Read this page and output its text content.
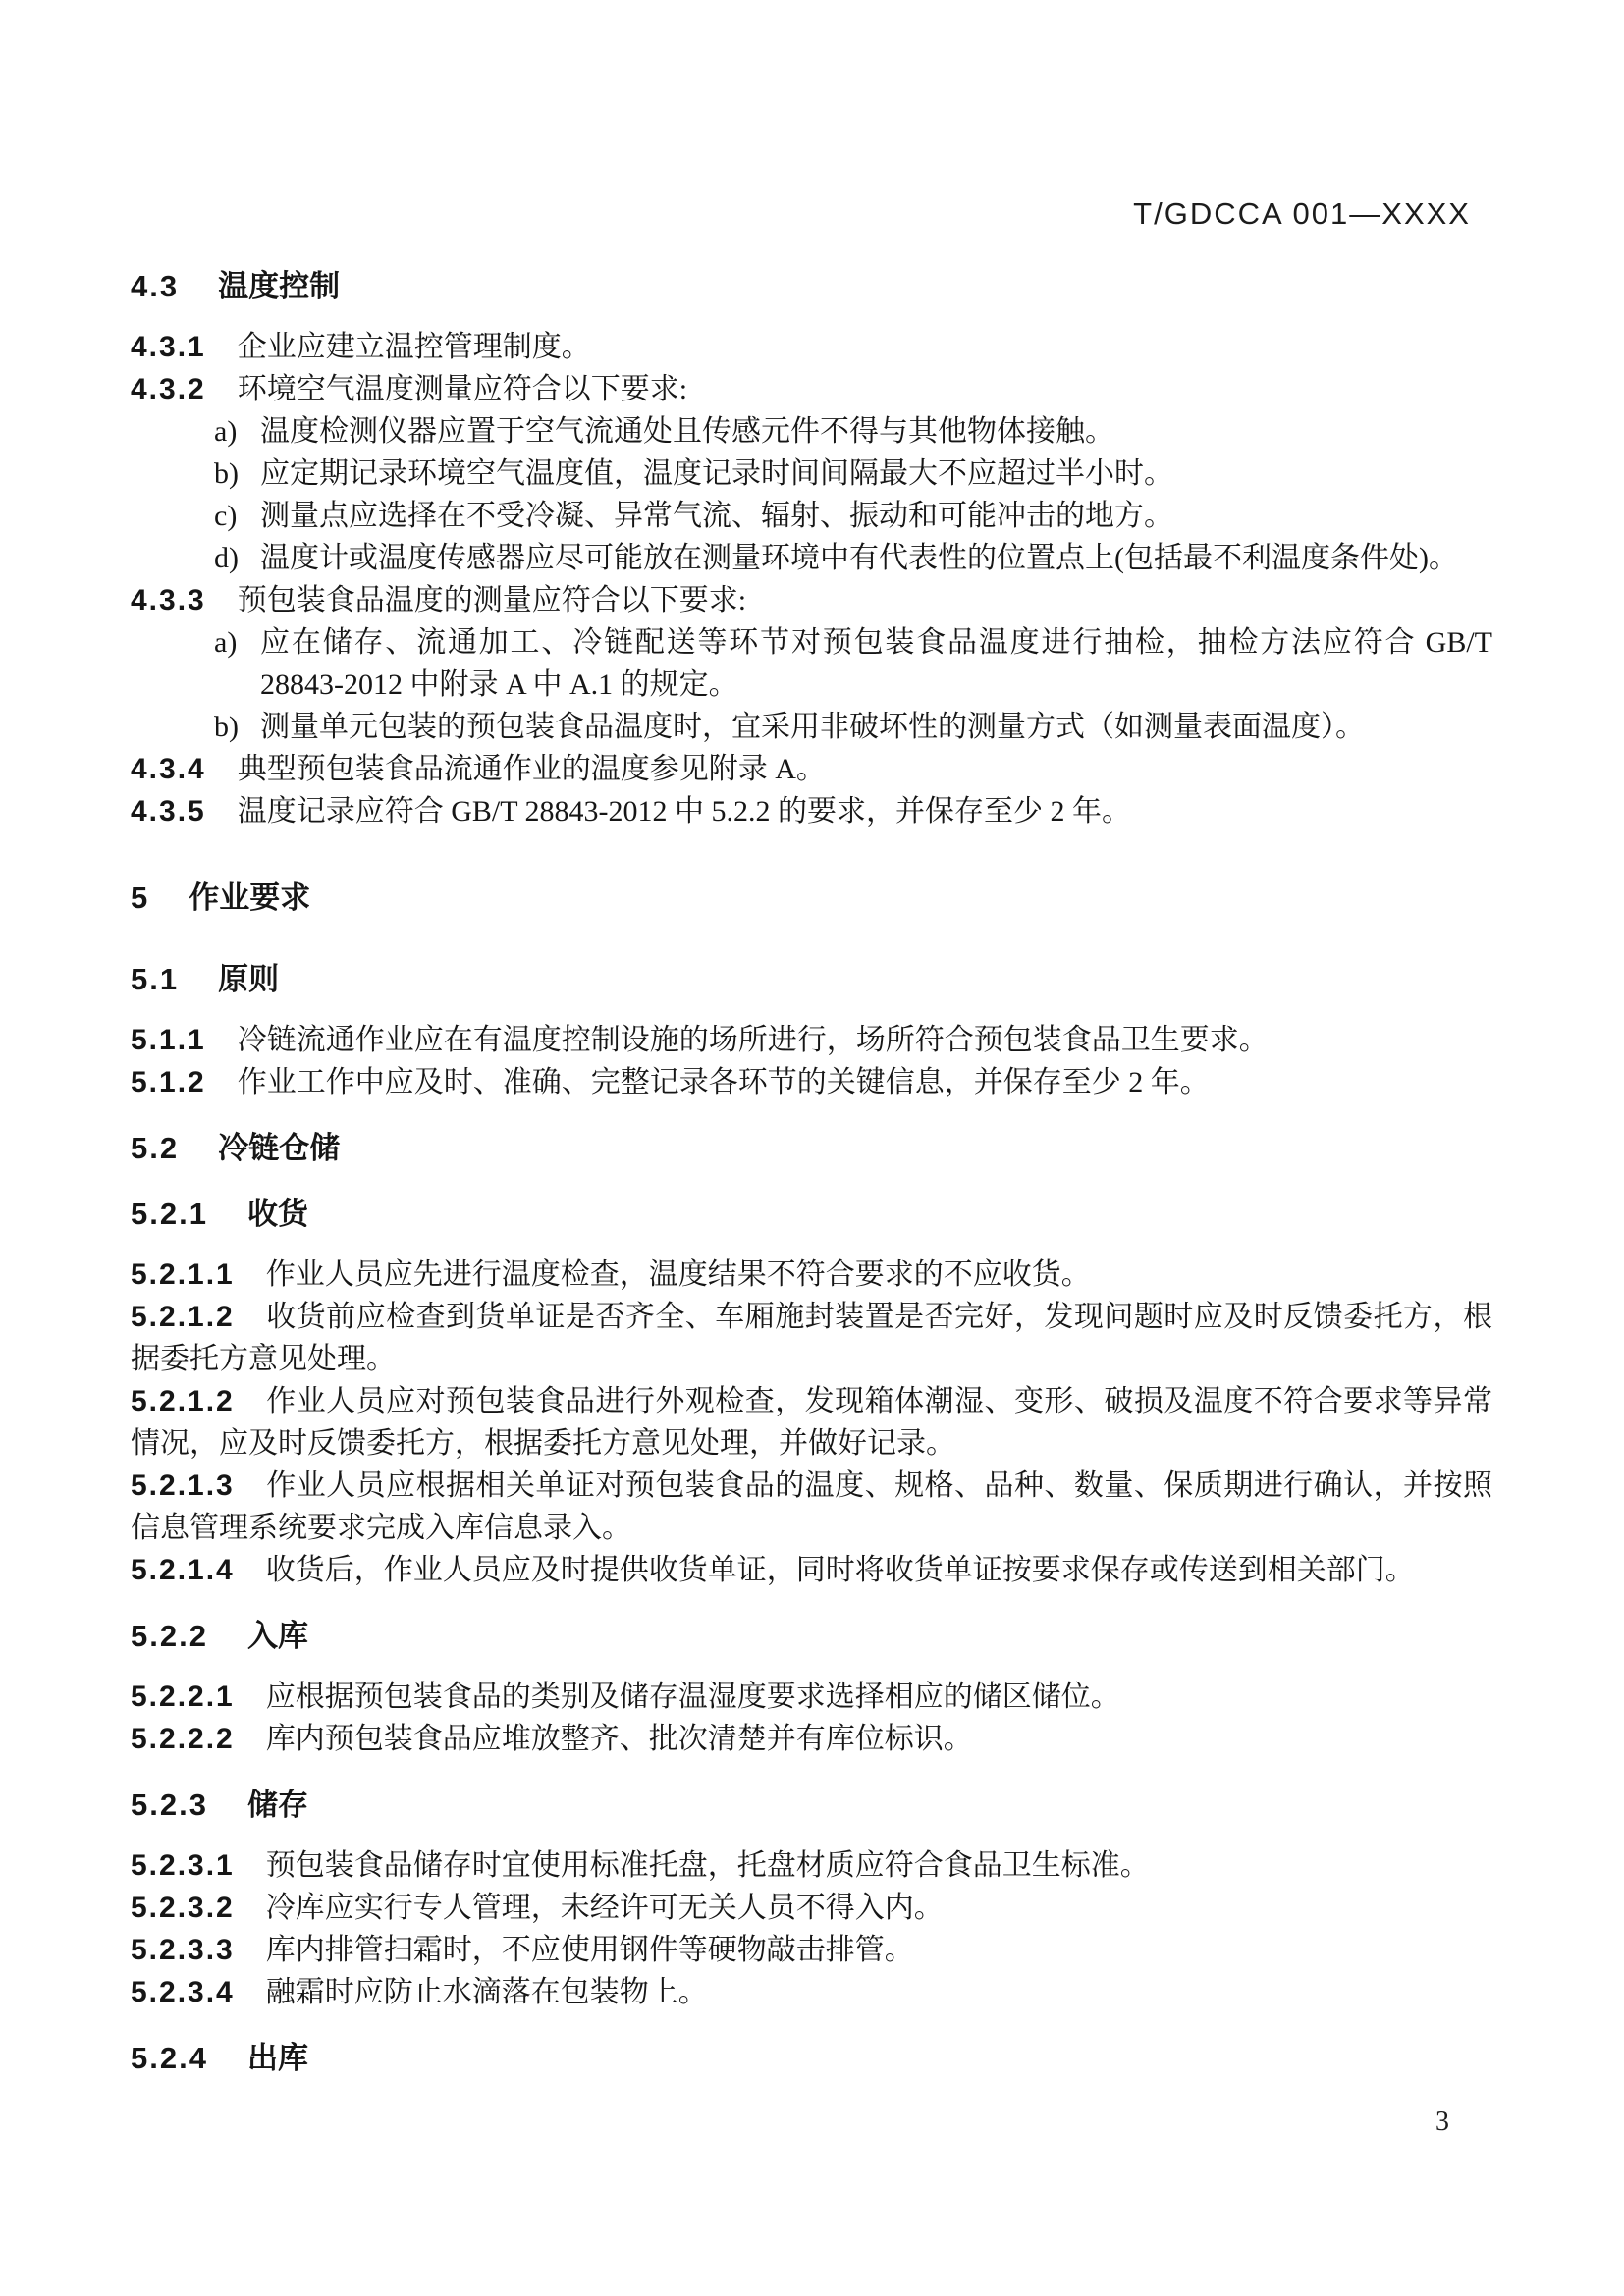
T/GDCCA 001—XXXX
4.3 温度控制
4.3.1 企业应建立温控管理制度。
4.3.2 环境空气温度测量应符合以下要求:
a) 温度检测仪器应置于空气流通处且传感元件不得与其他物体接触。
b) 应定期记录环境空气温度值，温度记录时间间隔最大不应超过半小时。
c) 测量点应选择在不受冷凝、异常气流、辐射、振动和可能冲击的地方。
d) 温度计或温度传感器应尽可能放在测量环境中有代表性的位置点上(包括最不利温度条件处)。
4.3.3 预包装食品温度的测量应符合以下要求:
a) 应在储存、流通加工、冷链配送等环节对预包装食品温度进行抽检，抽检方法应符合 GB/T 28843-2012 中附录 A 中 A.1 的规定。
b) 测量单元包装的预包装食品温度时，宜采用非破坏性的测量方式（如测量表面温度）。
4.3.4 典型预包装食品流通作业的温度参见附录 A。
4.3.5 温度记录应符合 GB/T 28843-2012 中 5.2.2 的要求，并保存至少 2 年。
5 作业要求
5.1 原则
5.1.1 冷链流通作业应在有温度控制设施的场所进行，场所符合预包装食品卫生要求。
5.1.2 作业工作中应及时、准确、完整记录各环节的关键信息，并保存至少 2 年。
5.2 冷链仓储
5.2.1 收货
5.2.1.1 作业人员应先进行温度检查，温度结果不符合要求的不应收货。
5.2.1.2 收货前应检查到货单证是否齐全、车厢施封装置是否完好，发现问题时应及时反馈委托方，根据委托方意见处理。
5.2.1.2 作业人员应对预包装食品进行外观检查，发现箱体潮湿、变形、破损及温度不符合要求等异常情况，应及时反馈委托方，根据委托方意见处理，并做好记录。
5.2.1.3 作业人员应根据相关单证对预包装食品的温度、规格、品种、数量、保质期进行确认，并按照信息管理系统要求完成入库信息录入。
5.2.1.4 收货后，作业人员应及时提供收货单证，同时将收货单证按要求保存或传送到相关部门。
5.2.2 入库
5.2.2.1 应根据预包装食品的类别及储存温湿度要求选择相应的储区储位。
5.2.2.2 库内预包装食品应堆放整齐、批次清楚并有库位标识。
5.2.3 储存
5.2.3.1 预包装食品储存时宜使用标准托盘，托盘材质应符合食品卫生标准。
5.2.3.2 冷库应实行专人管理，未经许可无关人员不得入内。
5.2.3.3 库内排管扫霜时，不应使用钢件等硬物敲击排管。
5.2.3.4 融霜时应防止水滴落在包装物上。
5.2.4 出库
3
